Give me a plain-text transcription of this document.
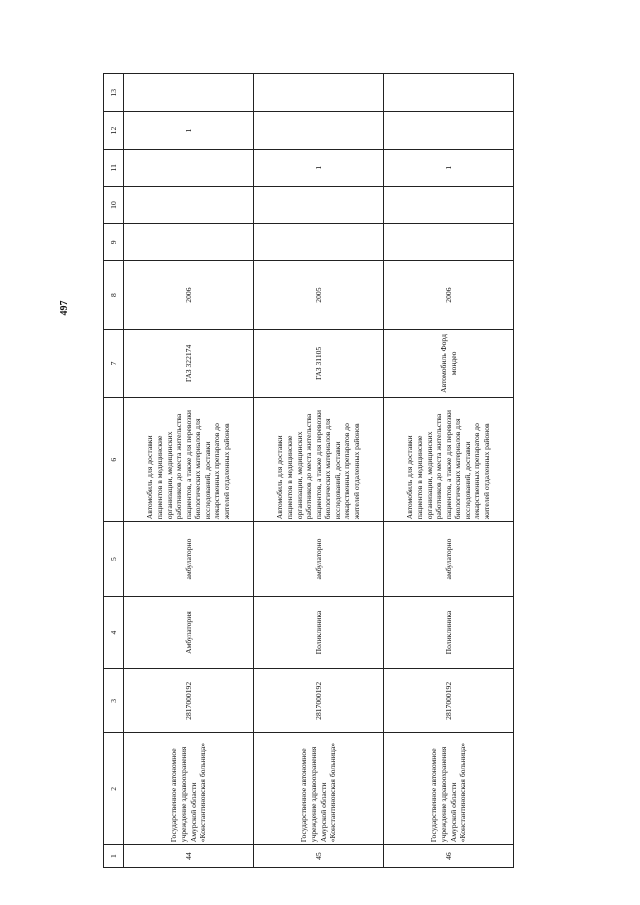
497
1	2	3	4	5	6	7	8	9	10	11	12	13
44	Государственное автономное учреждение здравоохранения Амурской области «Константиновская больница»	2817000192	Амбулатория	амбулаторно	Автомобиль для доставки пациентов в медицинские организации, медицинских работников до места жительства пациентов, а также для перевозки биологических материалов для исследований, доставки лекарственных препаратов до жителей отдаленных районов	ГАЗ 322174	2006				1	
45	Государственное автономное учреждение здравоохранения Амурской области «Константиновская больница»	2817000192	Поликлиника	амбулаторно	Автомобиль для доставки пациентов в медицинские организации, медицинских работников до места жительства пациентов, а также для перевозки биологических материалов для исследований, доставки лекарственных препаратов до жителей отдаленных районов	ГАЗ 31105	2005			1		
46	Государственное автономное учреждение здравоохранения Амурской области «Константиновская больница»	2817000192	Поликлиника	амбулаторно	Автомобиль для доставки пациентов в медицинские организации, медицинских работников до места жительства пациентов, а также для перевозки биологических материалов для исследований, доставки лекарственных препаратов до жителей отдаленных районов	Автомобиль Форд мондео	2006			1		
